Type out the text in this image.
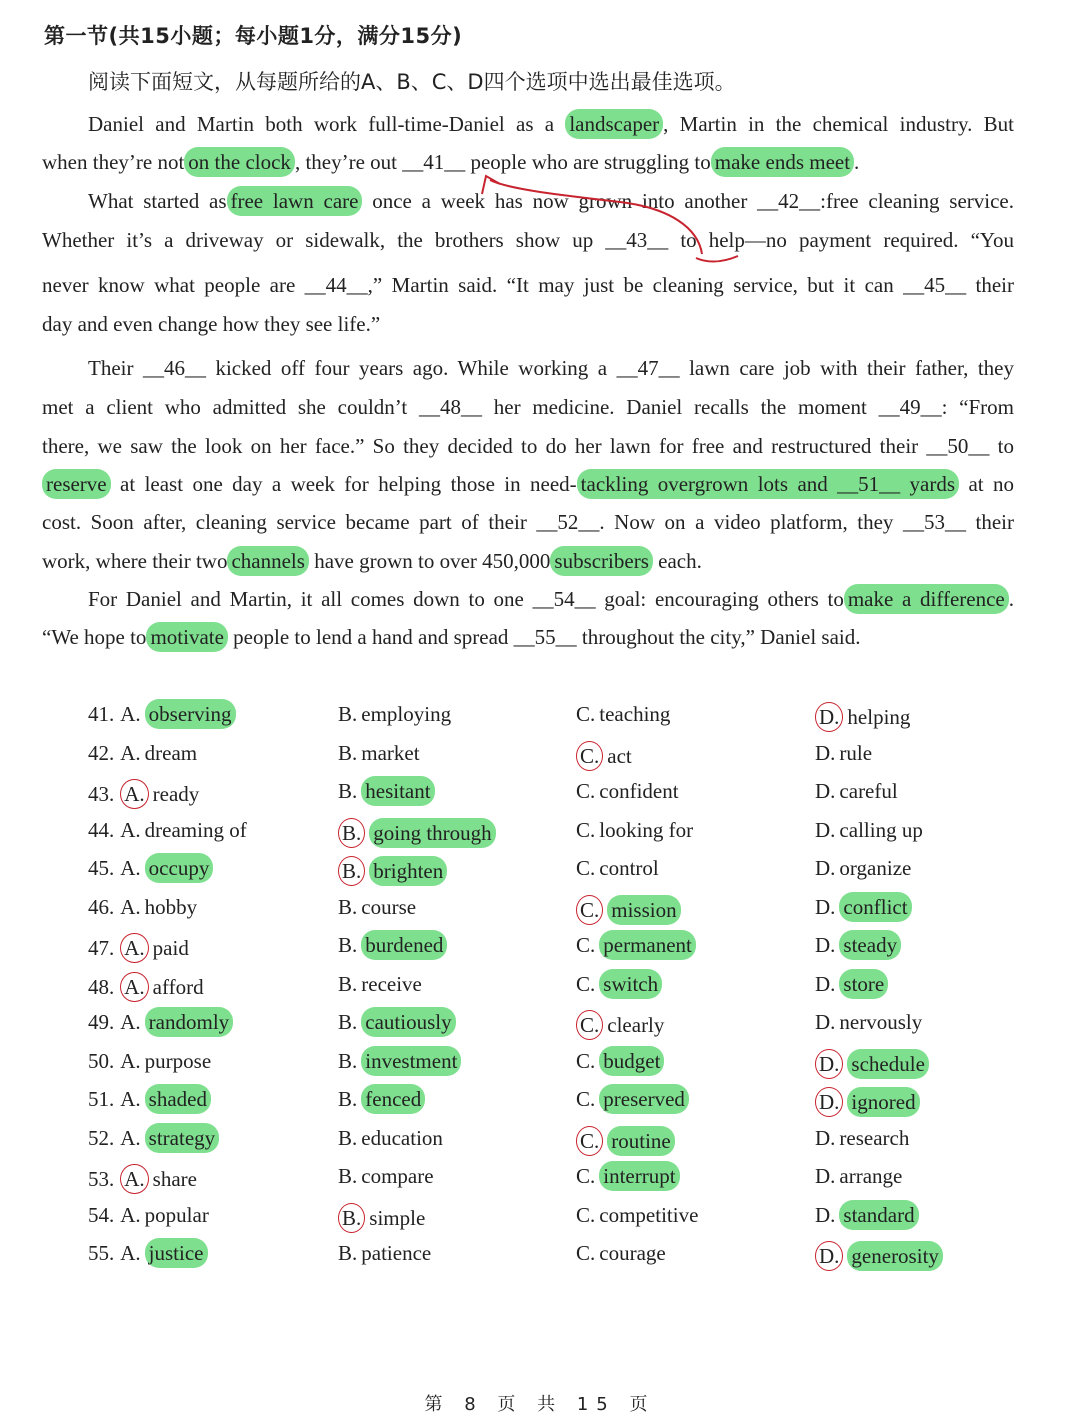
第一节(共15小题；每小题1分，满分15分)
阅读下面短文，从每题所给的A、B、C、D四个选项中选出最佳选项。
Daniel and Martin both work full-time-Daniel as a landscaper , Martin in the chemical industry. But
when they’re not on the clock , they’re out __41__ people who are struggling to make ends meet .
What started as free lawn care once a week has now grown into another __42__:free cleaning service.
Whether it’s a driveway or sidewalk, the brothers show up __43__ to help—no payment required. “You
never know what people are __44__,” Martin said. “It may just be cleaning service, but it can __45__ their
day and even change how they see life.”
Their __46__ kicked off four years ago. While working a __47__ lawn care job with their father, they
met a client who admitted she couldn’t __48__ her medicine. Daniel recalls the moment __49__: “From
there, we saw the look on her face.” So they decided to do her lawn for free and restructured their __50__ to
reserve at least one day a week for helping those in need- tackling overgrown lots and __51__ yards at no
cost. Soon after, cleaning service became part of their __52__. Now on a video platform, they __53__ their
work, where their two channels have grown to over 450,000 subscribers each.
For Daniel and Martin, it all comes down to one __54__ goal: encouraging others to make a difference .
“We hope to motivate people to lend a hand and spread __55__ throughout the city,” Daniel said.
41. A. observing	B. employing	C. teaching	D. helping
42. A. dream	B. market	C. act	D. rule
43. A. ready	B. hesitant	C. confident	D. careful
44. A. dreaming of	B. going through	C. looking for	D. calling up
45. A. occupy	B. brighten	C. control	D. organize
46. A. hobby	B. course	C. mission	D. conflict
47. A. paid	B. burdened	C. permanent	D. steady
48. A. afford	B. receive	C. switch	D. store
49. A. randomly	B. cautiously	C. clearly	D. nervously
50. A. purpose	B. investment	C. budget	D. schedule
51. A. shaded	B. fenced	C. preserved	D. ignored
52. A. strategy	B. education	C. routine	D. research
53. A. share	B. compare	C. interrupt	D. arrange
54. A. popular	B. simple	C. competitive	D. standard
55. A. justice	B. patience	C. courage	D. generosity
第 8 页 共 15 页
